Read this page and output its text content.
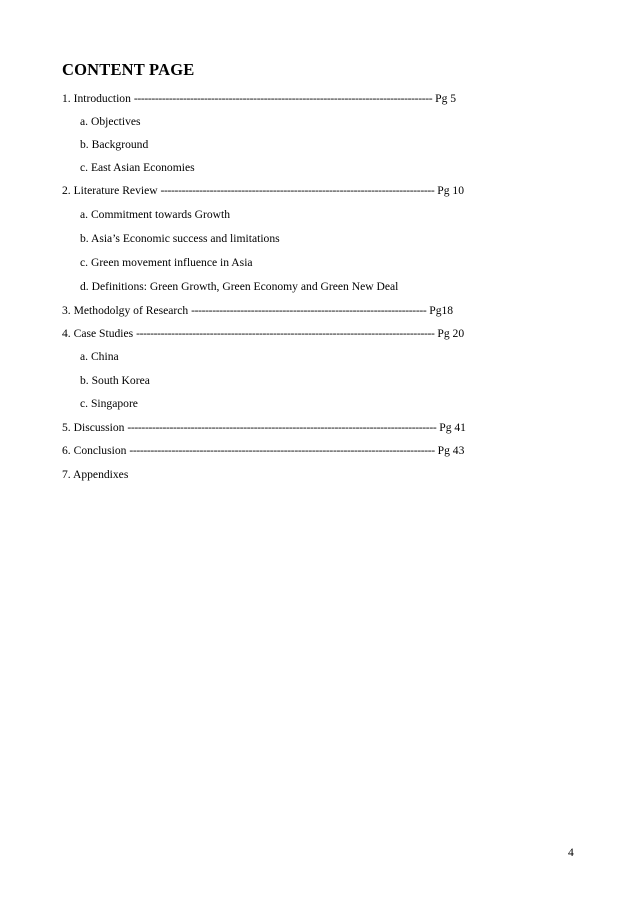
CONTENT PAGE
1. Introduction ------------------------------------------------------------------------------------- Pg 5
a. Objectives
b. Background
c. East Asian Economies
2. Literature Review ------------------------------------------------------------------------------ Pg 10
a. Commitment towards Growth
b. Asia’s Economic success and limitations
c. Green movement influence in Asia
d. Definitions: Green Growth, Green Economy and Green New Deal
3. Methodolgy of Research ------------------------------------------------------------------- Pg18
4. Case Studies ------------------------------------------------------------------------------------- Pg 20
a. China
b. South Korea
c. Singapore
5. Discussion ---------------------------------------------------------------------------------------- Pg 41
6. Conclusion --------------------------------------------------------------------------------------- Pg 43
7. Appendixes
4
